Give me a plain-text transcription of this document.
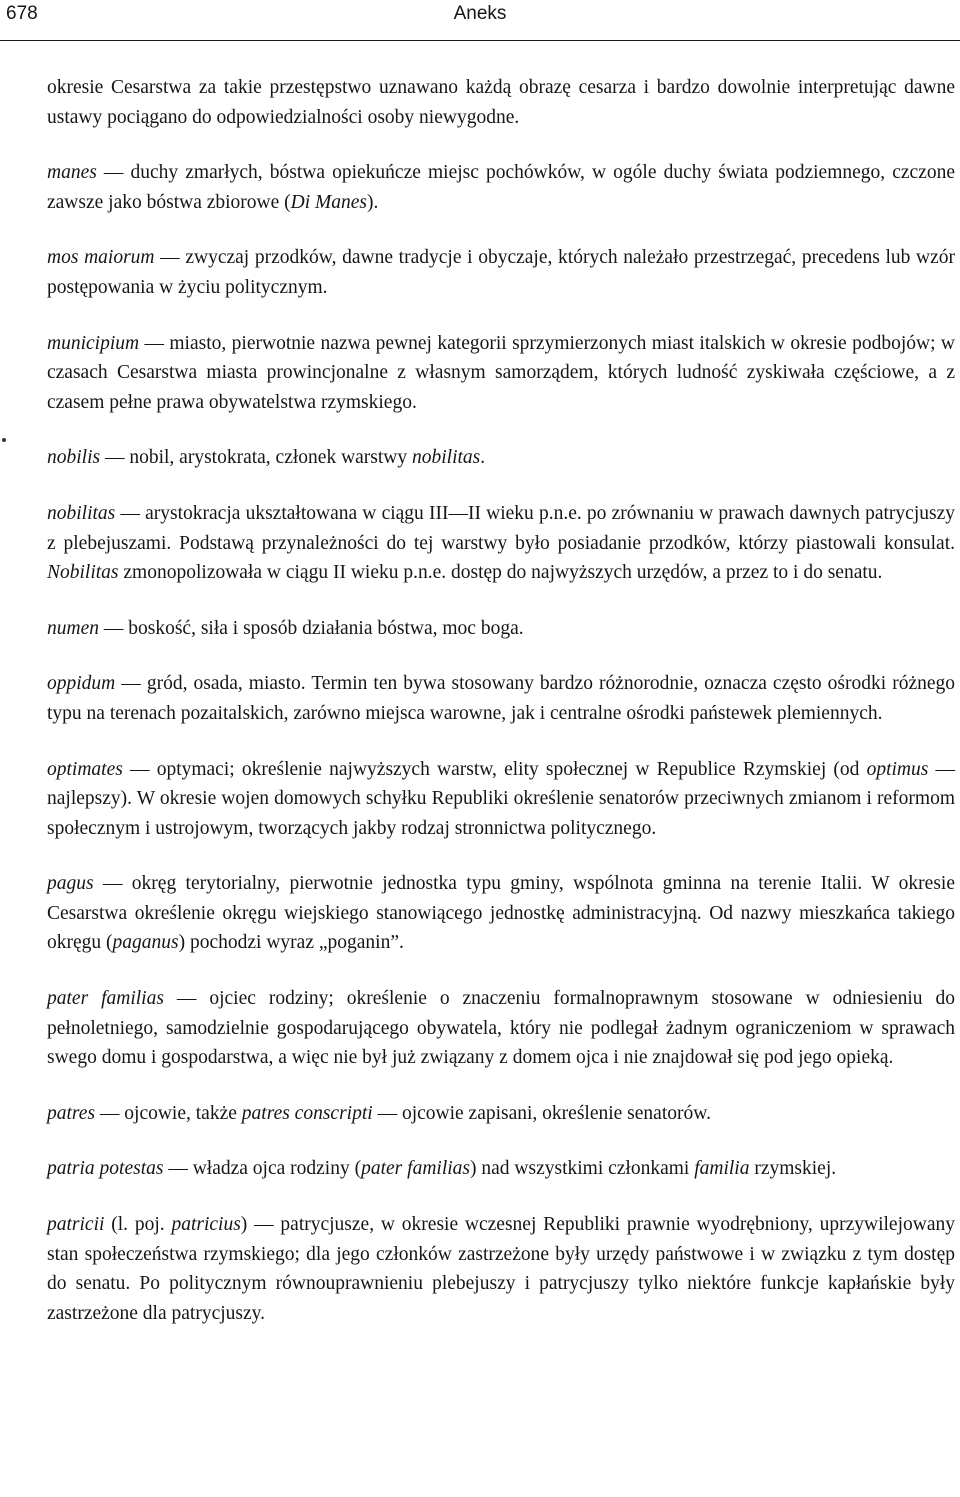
678	Aneks

okresie Cesarstwa za takie przestępstwo uznawano każdą obrazę cesarza i bardzo dowolnie interpretując dawne ustawy pociągano do odpowiedzialności osoby niewygodne.

manes — duchy zmarłych, bóstwa opiekuńcze miejsc pochówków, w ogóle duchy świata podziemnego, czczone zawsze jako bóstwa zbiorowe (Di Manes).

mos maiorum — zwyczaj przodków, dawne tradycje i obyczaje, których należało przestrzegać, precedens lub wzór postępowania w życiu politycznym.

municipium — miasto, pierwotnie nazwa pewnej kategorii sprzymierzonych miast italskich w okresie podbojów; w czasach Cesarstwa miasta prowincjonalne z własnym samorządem, których ludność zyskiwała częściowe, a z czasem pełne prawa obywatelstwa rzymskiego.

nobilis — nobil, arystokrata, członek warstwy nobilitas.

nobilitas — arystokracja ukształtowana w ciągu III—II wieku p.n.e. po zrównaniu w prawach dawnych patrycjuszy z plebejuszami. Podstawą przynależności do tej warstwy było posiadanie przodków, którzy piastowali konsulat. Nobilitas zmonopolizowała w ciągu II wieku p.n.e. dostęp do najwyższych urzędów, a przez to i do senatu.

numen — boskość, siła i sposób działania bóstwa, moc boga.

oppidum — gród, osada, miasto. Termin ten bywa stosowany bardzo różnorodnie, oznacza często ośrodki różnego typu na terenach pozaitalskich, zarówno miejsca warowne, jak i centralne ośrodki państewek plemiennych.

optimates — optymaci; określenie najwyższych warstw, elity społecznej w Republice Rzymskiej (od optimus — najlepszy). W okresie wojen domowych schyłku Republiki określenie senatorów przeciwnych zmianom i reformom społecznym i ustrojowym, tworzących jakby rodzaj stronnictwa politycznego.

pagus — okręg terytorialny, pierwotnie jednostka typu gminy, wspólnota gminna na terenie Italii. W okresie Cesarstwa określenie okręgu wiejskiego stanowiącego jednostkę administracyjną. Od nazwy mieszkańca takiego okręgu (paganus) pochodzi wyraz „poganin”.

pater familias — ojciec rodziny; określenie o znaczeniu formalnoprawnym stosowane w odniesieniu do pełnoletniego, samodzielnie gospodarującego obywatela, który nie podlegał żadnym ograniczeniom w sprawach swego domu i gospodarstwa, a więc nie był już związany z domem ojca i nie znajdował się pod jego opieką.

patres — ojcowie, także patres conscripti — ojcowie zapisani, określenie senatorów.

patria potestas — władza ojca rodziny (pater familias) nad wszystkimi członkami familia rzymskiej.

patricii (l. poj. patricius) — patrycjusze, w okresie wczesnej Republiki prawnie wyodrębniony, uprzywilejowany stan społeczeństwa rzymskiego; dla jego członków zastrzeżone były urzędy państwowe i w związku z tym dostęp do senatu. Po politycznym równouprawnieniu plebejuszy i patrycjuszy tylko niektóre funkcje kapłańskie były zastrzeżone dla patrycjuszy.
